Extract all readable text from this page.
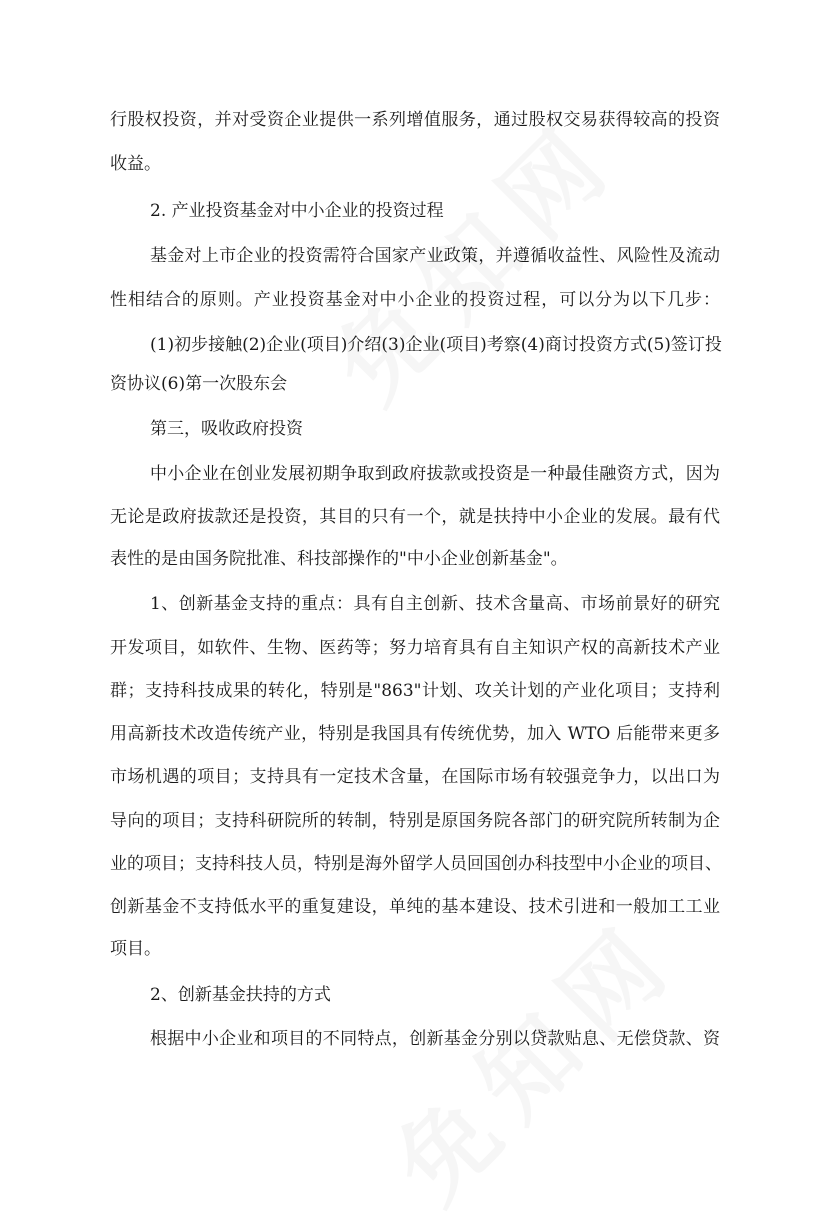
行股权投资，并对受资企业提供一系列增值服务，通过股权交易获得较高的投资
收益。
2. 产业投资基金对中小企业的投资过程
基金对上市企业的投资需符合国家产业政策，并遵循收益性、风险性及流动
性相结合的原则。产业投资基金对中小企业的投资过程，可以分为以下几步：
(1)初步接触(2)企业(项目)介绍(3)企业(项目)考察(4)商讨投资方式(5)签订投
资协议(6)第一次股东会
第三，吸收政府投资
中小企业在创业发展初期争取到政府拔款或投资是一种最佳融资方式，因为
无论是政府拔款还是投资，其目的只有一个，就是扶持中小企业的发展。最有代
表性的是由国务院批准、科技部操作的"中小企业创新基金"。
1、创新基金支持的重点：具有自主创新、技术含量高、市场前景好的研究
开发项目，如软件、生物、医药等；努力培育具有自主知识产权的高新技术产业
群；支持科技成果的转化，特别是"863"计划、攻关计划的产业化项目；支持利
用高新技术改造传统产业，特别是我国具有传统优势，加入 WTO 后能带来更多
市场机遇的项目；支持具有一定技术含量，在国际市场有较强竞争力，以出口为
导向的项目；支持科研院所的转制，特别是原国务院各部门的研究院所转制为企
业的项目；支持科技人员，特别是海外留学人员回国创办科技型中小企业的项目、
创新基金不支持低水平的重复建设，单纯的基本建设、技术引进和一般加工工业
项目。
2、创新基金扶持的方式
根据中小企业和项目的不同特点，创新基金分别以贷款贴息、无偿贷款、资
